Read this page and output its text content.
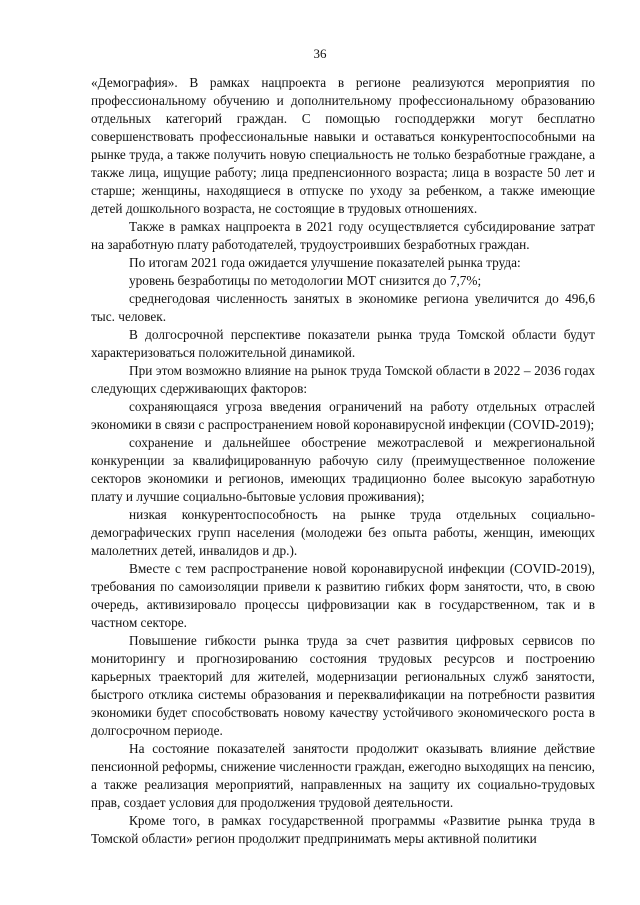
36

«Демография». В рамках нацпроекта в регионе реализуются мероприятия по профессиональному обучению и дополнительному профессиональному образованию отдельных категорий граждан. С помощью господдержки могут бесплатно совершенствовать профессиональные навыки и оставаться конкурентоспособными на рынке труда, а также получить новую специальность не только безработные граждане, а также лица, ищущие работу; лица предпенсионного возраста; лица в возрасте 50 лет и старше; женщины, находящиеся в отпуске по уходу за ребенком, а также имеющие детей дошкольного возраста, не состоящие в трудовых отношениях.

Также в рамках нацпроекта в 2021 году осуществляется субсидирование затрат на заработную плату работодателей, трудоустроивших безработных граждан.

По итогам 2021 года ожидается улучшение показателей рынка труда:

уровень безработицы по методологии МОТ снизится до 7,7%;

среднегодовая численность занятых в экономике региона увеличится до 496,6 тыс. человек.

В долгосрочной перспективе показатели рынка труда Томской области будут характеризоваться положительной динамикой.

При этом возможно влияние на рынок труда Томской области в 2022 – 2036 годах следующих сдерживающих факторов:

сохраняющаяся угроза введения ограничений на работу отдельных отраслей экономики в связи с распространением новой коронавирусной инфекции (COVID-2019);

сохранение и дальнейшее обострение межотраслевой и межрегиональной конкуренции за квалифицированную рабочую силу (преимущественное положение секторов экономики и регионов, имеющих традиционно более высокую заработную плату и лучшие социально-бытовые условия проживания);

низкая конкурентоспособность на рынке труда отдельных социально-демографических групп населения (молодежи без опыта работы, женщин, имеющих малолетних детей, инвалидов и др.).

Вместе с тем распространение новой коронавирусной инфекции (COVID-2019), требования по самоизоляции привели к развитию гибких форм занятости, что, в свою очередь, активизировало процессы цифровизации как в государственном, так и в частном секторе.

Повышение гибкости рынка труда за счет развития цифровых сервисов по мониторингу и прогнозированию состояния трудовых ресурсов и построению карьерных траекторий для жителей, модернизации региональных служб занятости, быстрого отклика системы образования и переквалификации на потребности развития экономики будет способствовать новому качеству устойчивого экономического роста в долгосрочном периоде.

На состояние показателей занятости продолжит оказывать влияние действие пенсионной реформы, снижение численности граждан, ежегодно выходящих на пенсию, а также реализация мероприятий, направленных на защиту их социально-трудовых прав, создает условия для продолжения трудовой деятельности.

Кроме того, в рамках государственной программы «Развитие рынка труда в Томской области» регион продолжит предпринимать меры активной политики
